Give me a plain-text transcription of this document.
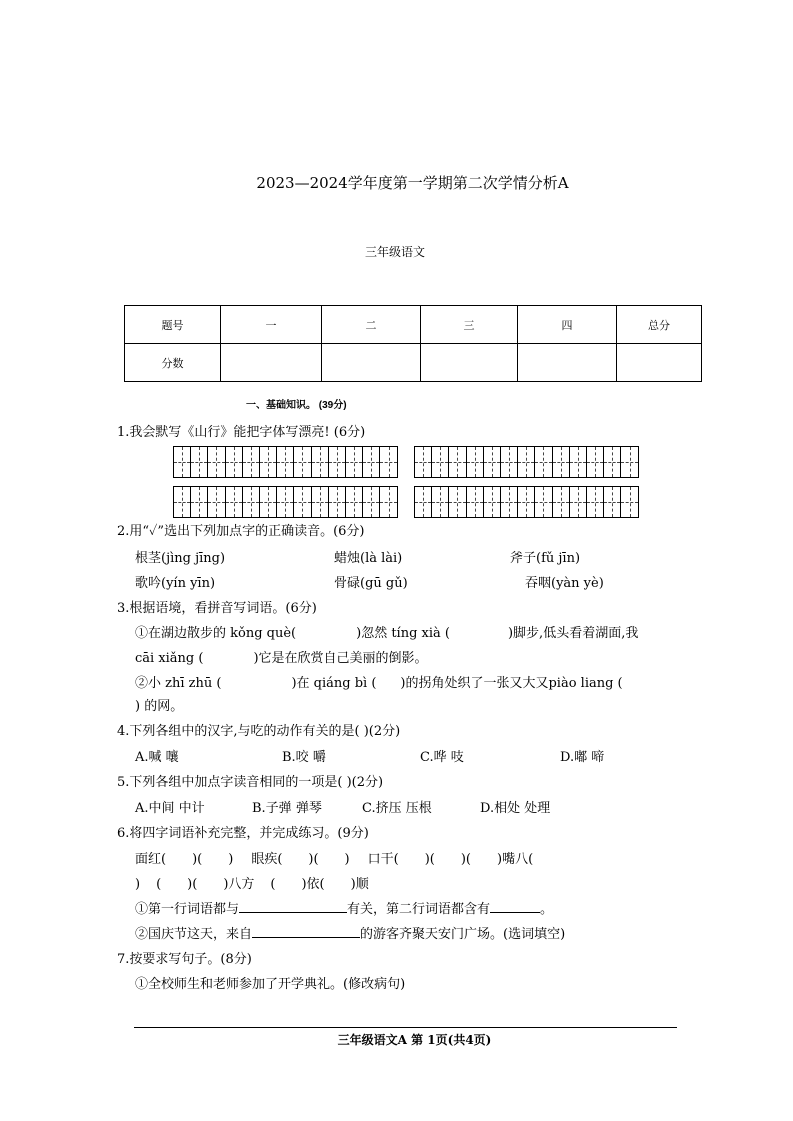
2023—2024学年度第一学期第二次学情分析A
三年级语文
题号	一	二	三	四	总分
分数					
一、基础知识。 (39分)
1.我会默写《山行》能把字体写漂亮! (6分)
2.用“✓”选出下列加点字的正确读音。(6分)
根茎(jìng jīng)	蜡烛(là lài)	斧子(fǔ jīn)
歌吟(yín yīn)	骨碌(gū gǔ)	吞咽(yàn yè)
3.根据语境，看拼音写词语。(6分)
①在湖边散步的 kǒng què(	)忽然 tíng xià (	)脚步,低头看着湖面,我
cāi xiǎng (	)它是在欣赏自己美丽的倒影。
②小 zhī zhū (	)在 qiáng bì ( )的拐角处织了一张又大又piào liang (
) 的网。
4.下列各组中的汉字,与吃的动作有关的是( )(2分)
A.喊 嚷	B.咬 嚼	C.哗 吱	D.嘟 啼
5.下列各组中加点字读音相同的一项是( )(2分)
A.中间 中计	B.子弹 弹琴	C.挤压 压根	D.相处 处理
6.将四字词语补充完整，并完成练习。(9分)
面红( )( ) 眼疾( )( ) 口干( )( )( )嘴八(
) ( )( )八方 ( )依( )顺
①第一行词语都与	有关，第二行词语都含有	。
②国庆节这天，来自	的游客齐聚天安门广场。(选词填空)
7.按要求写句子。(8分)
①全校师生和老师参加了开学典礼。(修改病句)
三年级语文A 第 1页(共4页)
